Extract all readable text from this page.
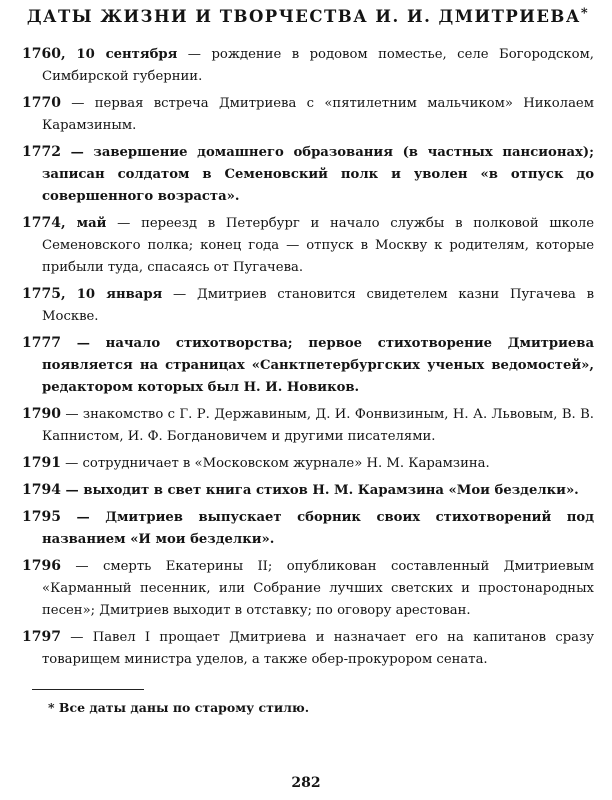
ДАТЫ ЖИЗНИ И ТВОРЧЕСТВА И. И. ДМИТРИЕВА*
1760, 10 сентября — рождение в родовом поместье, селе Богородском, Симбирской губернии.
1770 — первая встреча Дмитриева с «пятилетним мальчиком» Николаем Карамзиным.
1772 — завершение домашнего образования (в частных пансионах); записан солдатом в Семеновский полк и уволен «в отпуск до совершенного возраста».
1774, май — переезд в Петербург и начало службы в полковой школе Семеновского полка; конец года — отпуск в Москву к родителям, которые прибыли туда, спасаясь от Пугачева.
1775, 10 января — Дмитриев становится свидетелем казни Пугачева в Москве.
1777 — начало стихотворства; первое стихотворение Дмитриева появляется на страницах «Санктпетербургских ученых ведомостей», редактором которых был Н. И. Новиков.
1790 — знакомство с Г. Р. Державиным, Д. И. Фонвизиным, Н. А. Львовым, В. В. Капнистом, И. Ф. Богдановичем и другими писателями.
1791 — сотрудничает в «Московском журнале» Н. М. Карамзина.
1794 — выходит в свет книга стихов Н. М. Карамзина «Мои безделки».
1795 — Дмитриев выпускает сборник своих стихотворений под названием «И мои безделки».
1796 — смерть Екатерины II; опубликован составленный Дмитриевым «Карманный песенник, или Собрание лучших светских и простонародных песен»; Дмитриев выходит в отставку; по оговору арестован.
1797 — Павел I прощает Дмитриева и назначает его на капитанов сразу товарищем министра уделов, а также обер-прокурором сената.
* Все даты даны по старому стилю.
282
